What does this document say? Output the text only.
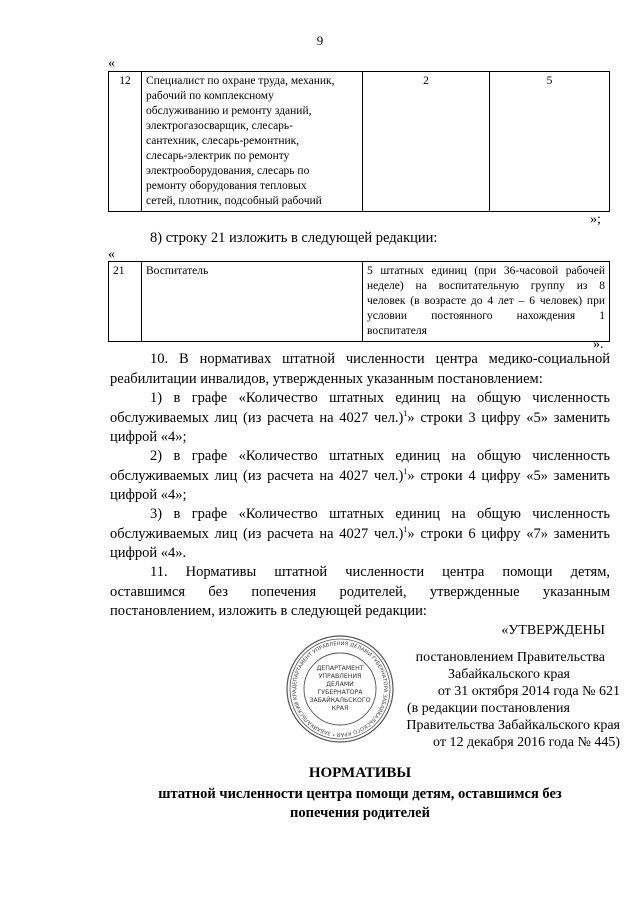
9
«
12	Специалист по охране труда, механик,
рабочий по комплексному
обслуживанию и ремонту зданий,
электрогазосварщик, слесарь-
сантехник, слесарь-ремонтник,
слесарь-электрик по ремонту
электрооборудования, слесарь по
ремонту оборудования тепловых
сетей, плотник, подсобный рабочий
	2	5
»;
8) строку 21 изложить в следующей редакции:
«
21	Воспитатель	5 штатных единиц (при 36-часовой рабочей
неделе) на воспитательную группу из 8
человек (в возрасте до 4 лет – 6 человек) при
условии постоянного нахождения 1
воспитателя
».
10. В нормативах штатной численности центра медико-социальной
реабилитации инвалидов, утвержденных указанным постановлением:
1) в графе «Количество штатных единиц на общую численность
обслуживаемых лиц (из расчета на 4027 чел.)$^1$» строки 3 цифру «5» заменить
цифрой «4»;
2) в графе «Количество штатных единиц на общую численность
обслуживаемых лиц (из расчета на 4027 чел.)$^1$» строки 4 цифру «5» заменить
цифрой «4»;
3) в графе «Количество штатных единиц на общую численность
обслуживаемых лиц (из расчета на 4027 чел.)$^1$» строки 6 цифру «7» заменить
цифрой «4».
11. Нормативы штатной численности центра помощи детям,
оставшимся без попечения родителей, утвержденные указанным
постановлением, изложить в следующей редакции:
«УТВЕРЖДЕНЫ
постановлением Правительства
Забайкальского края
от 31 октября 2014 года № 621
(в редакции постановления
Правительства Забайкальского края
от 12 декабря 2016 года № 445)
ДЕПАРТАМЕНТ УПРАВЛЕНИЯ ДЕЛАМИ ГУБЕРНАТОРА ЗАБАЙКАЛЬСКОГО КРАЯ * ЗАБАЙКАЛЬСКИЙ КРА
ДЕПАРТАМЕНТ
УПРАВЛЕНИЯ
ДЕЛАМИ
ГУБЕРНАТОРА
ЗАБАЙКАЛЬСКОГО
КРАЯ
НОРМАТИВЫ
штатной численности центра помощи детям, оставшимся без
попечения родителей
